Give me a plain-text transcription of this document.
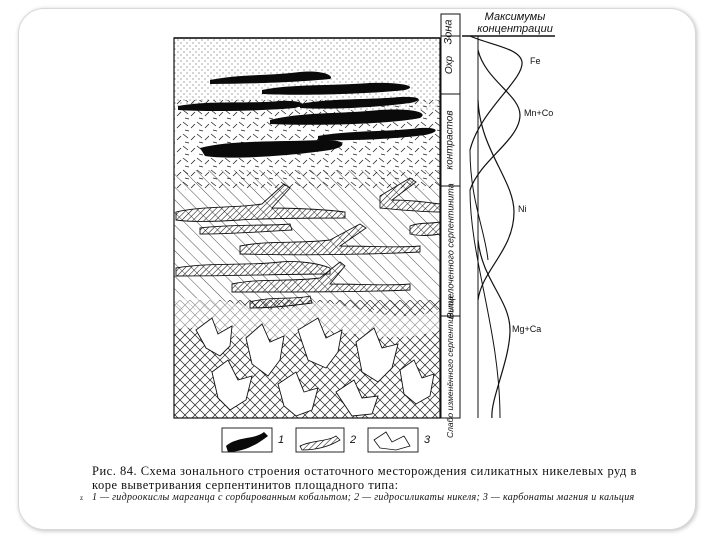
Зона
Максимумы концентрации
Охр
контрастов
Выщелоченного серпентинита
Слабо изменённого серпентинита
Fe
Mn+Co
Ni
Mg+Ca
1	2	3
z
Рис. 84. Схема зонального строения остаточного месторождения силикатных никелевых руд в коре выветривания серпентинитов площадного типа:
1 — гидроокислы марганца с сорбированным кобальтом; 2 — гидросиликаты никеля; 3 — карбонаты магния и кальция
